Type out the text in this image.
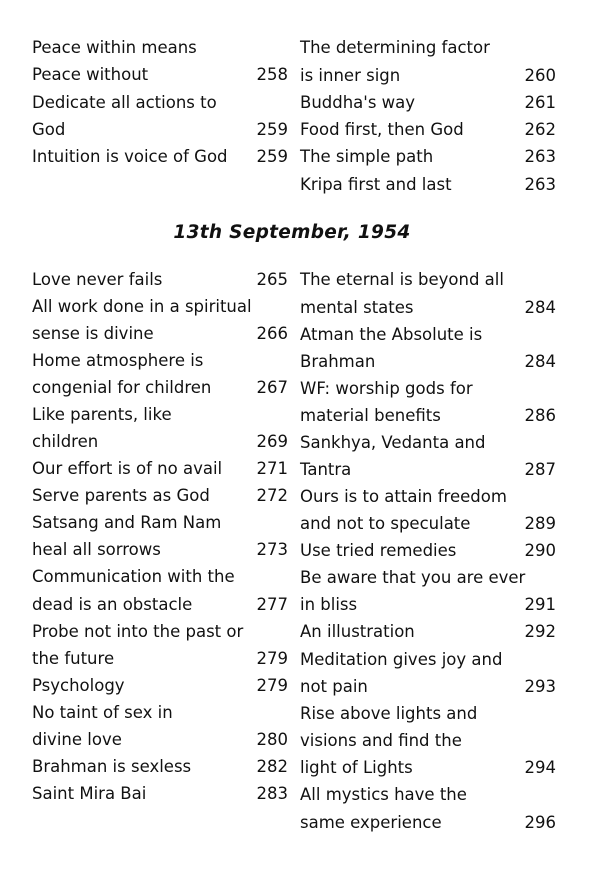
Peace within means
Peace without	258
Dedicate all actions to
God	259
Intuition is voice of God 259
The determining factor
is inner sign	260
Buddha's way	261
Food first, then God	262
The simple path	263
Kripa first and last	263
13th September, 1954
Love never fails	265
All work done in a spiritual
sense is divine	266
Home atmosphere is
congenial for children	267
Like parents, like
children	269
Our effort is of no avail 271
Serve parents as God	272
Satsang and Ram Nam
heal all sorrows	273
Communication with the
dead is an obstacle	277
Probe not into the past or
the future	279
Psychology	279
No taint of sex in
divine love	280
Brahman is sexless	282
Saint Mira Bai	283
The eternal is beyond all
mental states	284
Atman the Absolute is
Brahman	284
WF: worship gods for
material benefits	286
Sankhya, Vedanta and
Tantra	287
Ours is to attain freedom
and not to speculate	289
Use tried remedies	290
Be aware that you are ever
in bliss	291
An illustration	292
Meditation gives joy and
not pain	293
Rise above lights and
visions and find the
light of Lights	294
All mystics have the
same experience	296
